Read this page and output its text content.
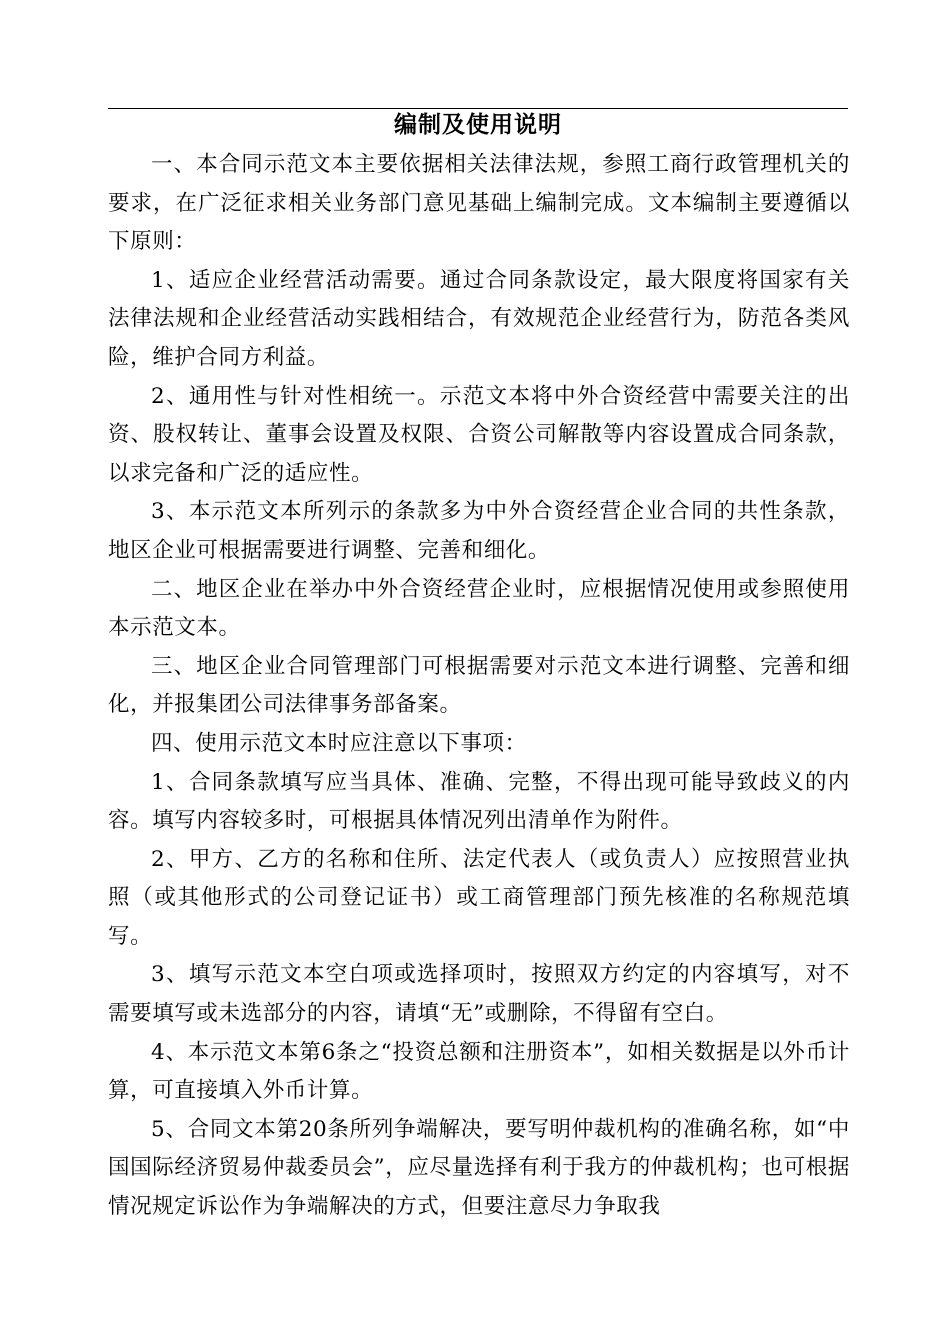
编制及使用说明

一、本合同示范文本主要依据相关法律法规，参照工商行政管理机关的要求，在广泛征求相关业务部门意见基础上编制完成。文本编制主要遵循以下原则：

1、适应企业经营活动需要。通过合同条款设定，最大限度将国家有关法律法规和企业经营活动实践相结合，有效规范企业经营行为，防范各类风险，维护合同方利益。

2、通用性与针对性相统一。示范文本将中外合资经营中需要关注的出资、股权转让、董事会设置及权限、合资公司解散等内容设置成合同条款，以求完备和广泛的适应性。

3、本示范文本所列示的条款多为中外合资经营企业合同的共性条款，地区企业可根据需要进行调整、完善和细化。

二、地区企业在举办中外合资经营企业时，应根据情况使用或参照使用本示范文本。

三、地区企业合同管理部门可根据需要对示范文本进行调整、完善和细化，并报集团公司法律事务部备案。

四、使用示范文本时应注意以下事项：

1、合同条款填写应当具体、准确、完整，不得出现可能导致歧义的内容。填写内容较多时，可根据具体情况列出清单作为附件。

2、甲方、乙方的名称和住所、法定代表人（或负责人）应按照营业执照（或其他形式的公司登记证书）或工商管理部门预先核准的名称规范填写。

3、填写示范文本空白项或选择项时，按照双方约定的内容填写，对不需要填写或未选部分的内容，请填“无”或删除，不得留有空白。

4、本示范文本第6条之“投资总额和注册资本”，如相关数据是以外币计算，可直接填入外币计算。

5、合同文本第20条所列争端解决，要写明仲裁机构的准确名称，如“中国国际经济贸易仲裁委员会”，应尽量选择有利于我方的仲裁机构；也可根据情况规定诉讼作为争端解决的方式，但要注意尽力争取我
